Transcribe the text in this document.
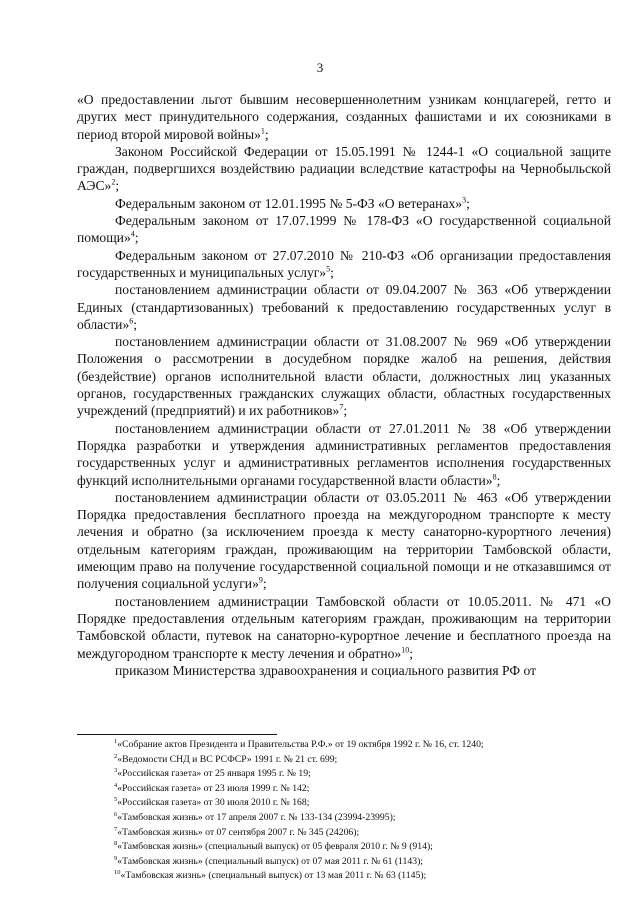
3

«О предоставлении льгот бывшим несовершеннолетним узникам концлагерей, гетто и других мест принудительного содержания, созданных фашистами и их союзниками в период второй мировой войны»$^1$;

Законом Российской Федерации от 15.05.1991 № 1244-1 «О социальной защите граждан, подвергшихся воздействию радиации вследствие катастрофы на Чернобыльской АЭС»$^2$;

Федеральным законом от 12.01.1995 № 5-ФЗ «О ветеранах»$^3$;

Федеральным законом от 17.07.1999 № 178-ФЗ «О государственной социальной помощи»$^4$;

Федеральным законом от 27.07.2010 № 210-ФЗ «Об организации предоставления государственных и муниципальных услуг»$^5$;

постановлением администрации области от 09.04.2007 № 363 «Об утверждении Единых (стандартизованных) требований к предоставлению государственных услуг в области»$^6$;

постановлением администрации области от 31.08.2007 № 969 «Об утверждении Положения о рассмотрении в досудебном порядке жалоб на решения, действия (бездействие) органов исполнительной власти области, должностных лиц указанных органов, государственных гражданских служащих области, областных государственных учреждений (предприятий) и их работников»$^7$;

постановлением администрации области от 27.01.2011 № 38 «Об утверждении Порядка разработки и утверждения административных регламентов предоставления государственных услуг и административных регламентов исполнения государственных функций исполнительными органами государственной власти области»$^8$;

постановлением администрации области от 03.05.2011 № 463 «Об утверждении Порядка предоставления бесплатного проезда на междугородном транспорте к месту лечения и обратно (за исключением проезда к месту санаторно-курортного лечения) отдельным категориям граждан, проживающим на территории Тамбовской области, имеющим право на получение государственной социальной помощи и не отказавшимся от получения социальной услуги»$^9$;

постановлением администрации Тамбовской области от 10.05.2011. № 471 «О Порядке предоставления отдельным категориям граждан, проживающим на территории Тамбовской области, путевок на санаторно-курортное лечение и бесплатного проезда на междугородном транспорте к месту лечения и обратно»$^{10}$;

приказом Министерства здравоохранения и социального развития РФ от

$^1$«Собрание актов Президента и Правительства Р.Ф.» от 19 октября 1992 г. № 16, ст. 1240;
$^2$«Ведомости СНД и ВС РСФСР» 1991 г. № 21 ст. 699;
$^3$«Российская газета» от 25 января 1995 г. № 19;
$^4$«Российская газета» от 23 июля 1999 г. № 142;
$^5$«Российская газета» от 30 июля 2010 г. № 168;
$^6$«Тамбовская жизнь» от 17 апреля 2007 г. № 133-134 (23994-23995);
$^7$«Тамбовская жизнь» от 07 сентября 2007 г. № 345 (24206);
$^8$«Тамбовская жизнь» (специальный выпуск) от 05 февраля 2010 г. № 9 (914);
$^9$«Тамбовская жизнь» (специальный выпуск) от 07 мая 2011 г. № 61 (1143);
$^{10}$«Тамбовская жизнь» (специальный выпуск) от 13 мая 2011 г. № 63 (1145);
